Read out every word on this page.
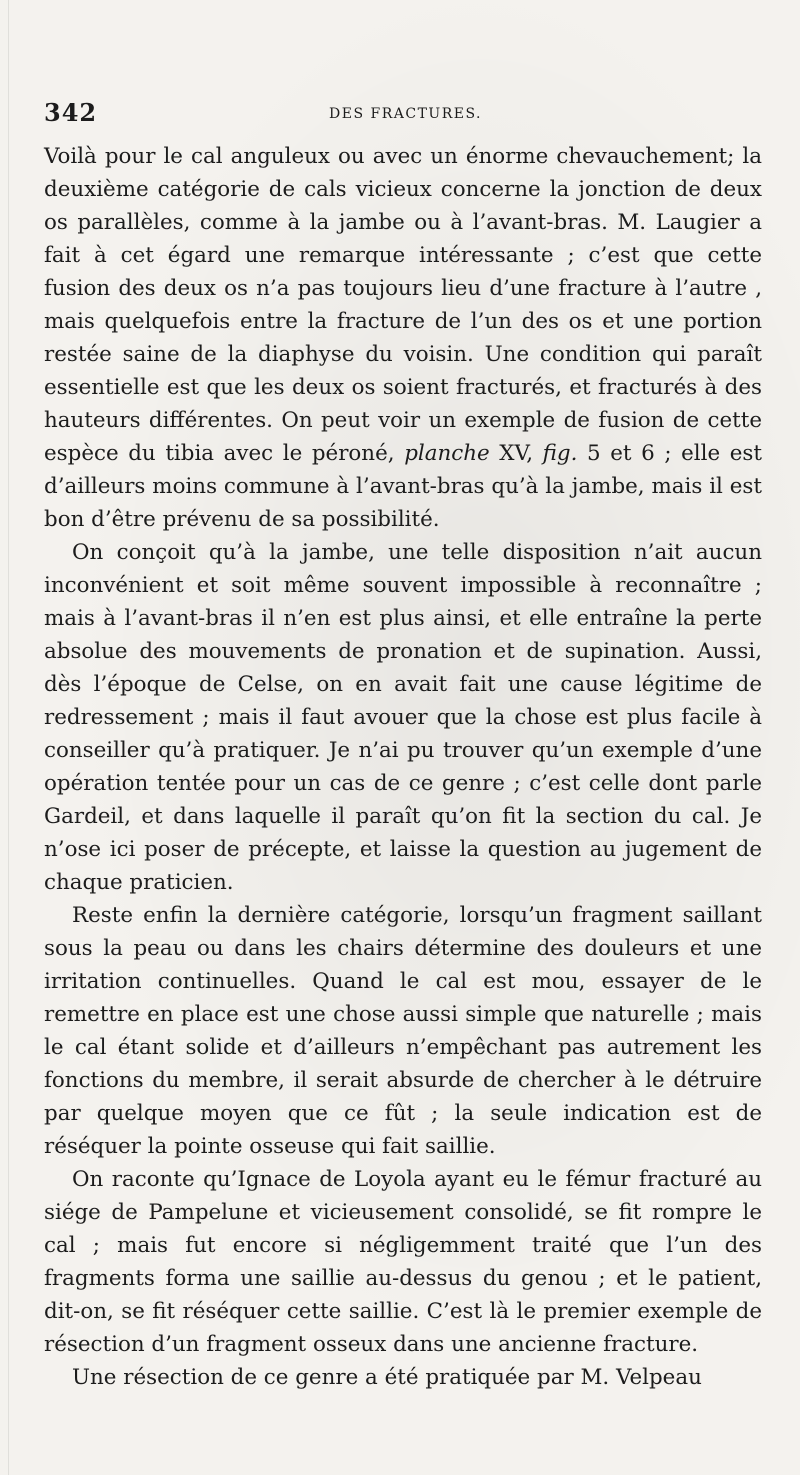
342	DES FRACTURES.

Voilà pour le cal anguleux ou avec un énorme chevauchement; la deuxième catégorie de cals vicieux concerne la jonction de deux os parallèles, comme à la jambe ou à l’avant-bras. M. Laugier a fait à cet égard une remarque intéressante ; c’est que cette fusion des deux os n’a pas toujours lieu d’une fracture à l’autre , mais quelquefois entre la fracture de l’un des os et une portion restée saine de la diaphyse du voisin. Une condition qui paraît essentielle est que les deux os soient fracturés, et fracturés à des hauteurs différentes. On peut voir un exemple de fusion de cette espèce du tibia avec le péroné, planche XV, fig. 5 et 6 ; elle est d’ailleurs moins commune à l’avant-bras qu’à la jambe, mais il est bon d’être prévenu de sa possibilité.

On conçoit qu’à la jambe, une telle disposition n’ait aucun inconvénient et soit même souvent impossible à reconnaître ; mais à l’avant-bras il n’en est plus ainsi, et elle entraîne la perte absolue des mouvements de pronation et de supination. Aussi, dès l’époque de Celse, on en avait fait une cause légitime de redressement ; mais il faut avouer que la chose est plus facile à conseiller qu’à pratiquer. Je n’ai pu trouver qu’un exemple d’une opération tentée pour un cas de ce genre ; c’est celle dont parle Gardeil, et dans laquelle il paraît qu’on fit la section du cal. Je n’ose ici poser de précepte, et laisse la question au jugement de chaque praticien.

Reste enfin la dernière catégorie, lorsqu’un fragment saillant sous la peau ou dans les chairs détermine des douleurs et une irritation continuelles. Quand le cal est mou, essayer de le remettre en place est une chose aussi simple que naturelle ; mais le cal étant solide et d’ailleurs n’empêchant pas autrement les fonctions du membre, il serait absurde de chercher à le détruire par quelque moyen que ce fût ; la seule indication est de réséquer la pointe osseuse qui fait saillie.

On raconte qu’Ignace de Loyola ayant eu le fémur fracturé au siége de Pampelune et vicieusement consolidé, se fit rompre le cal ; mais fut encore si négligemment traité que l’un des fragments forma une saillie au-dessus du genou ; et le patient, dit-on, se fit réséquer cette saillie. C’est là le premier exemple de résection d’un fragment osseux dans une ancienne fracture.

Une résection de ce genre a été pratiquée par M. Velpeau
